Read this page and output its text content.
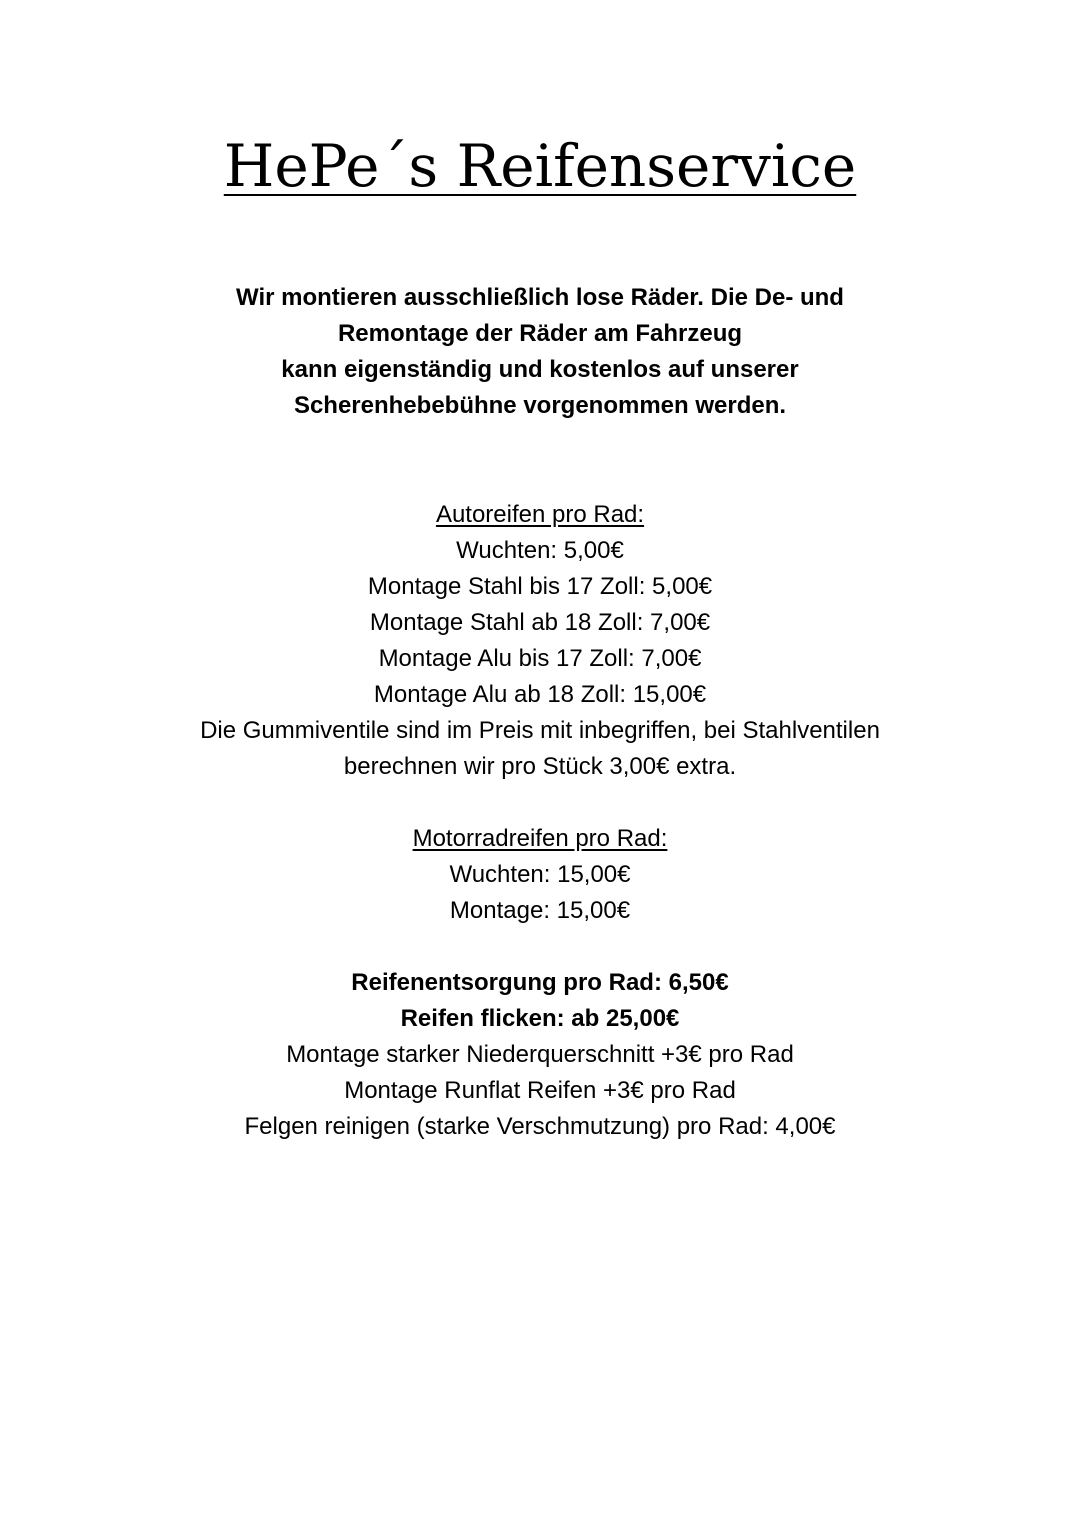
HePe´s Reifenservice
Wir montieren ausschließlich lose Räder. Die De- und
Remontage der Räder am Fahrzeug
kann eigenständig und kostenlos auf unserer
Scherenhebebühne vorgenommen werden.
Autoreifen pro Rad:
Wuchten: 5,00€
Montage Stahl bis 17 Zoll: 5,00€
Montage Stahl ab 18 Zoll: 7,00€
Montage Alu bis 17 Zoll: 7,00€
Montage Alu ab 18 Zoll: 15,00€
Die Gummiventile sind im Preis mit inbegriffen, bei Stahlventilen
berechnen wir pro Stück 3,00€ extra.
Motorradreifen pro Rad:
Wuchten: 15,00€
Montage: 15,00€
Reifenentsorgung pro Rad: 6,50€
Reifen flicken: ab 25,00€
Montage starker Niederquerschnitt +3€ pro Rad
Montage Runflat Reifen +3€ pro Rad
Felgen reinigen (starke Verschmutzung) pro Rad: 4,00€
